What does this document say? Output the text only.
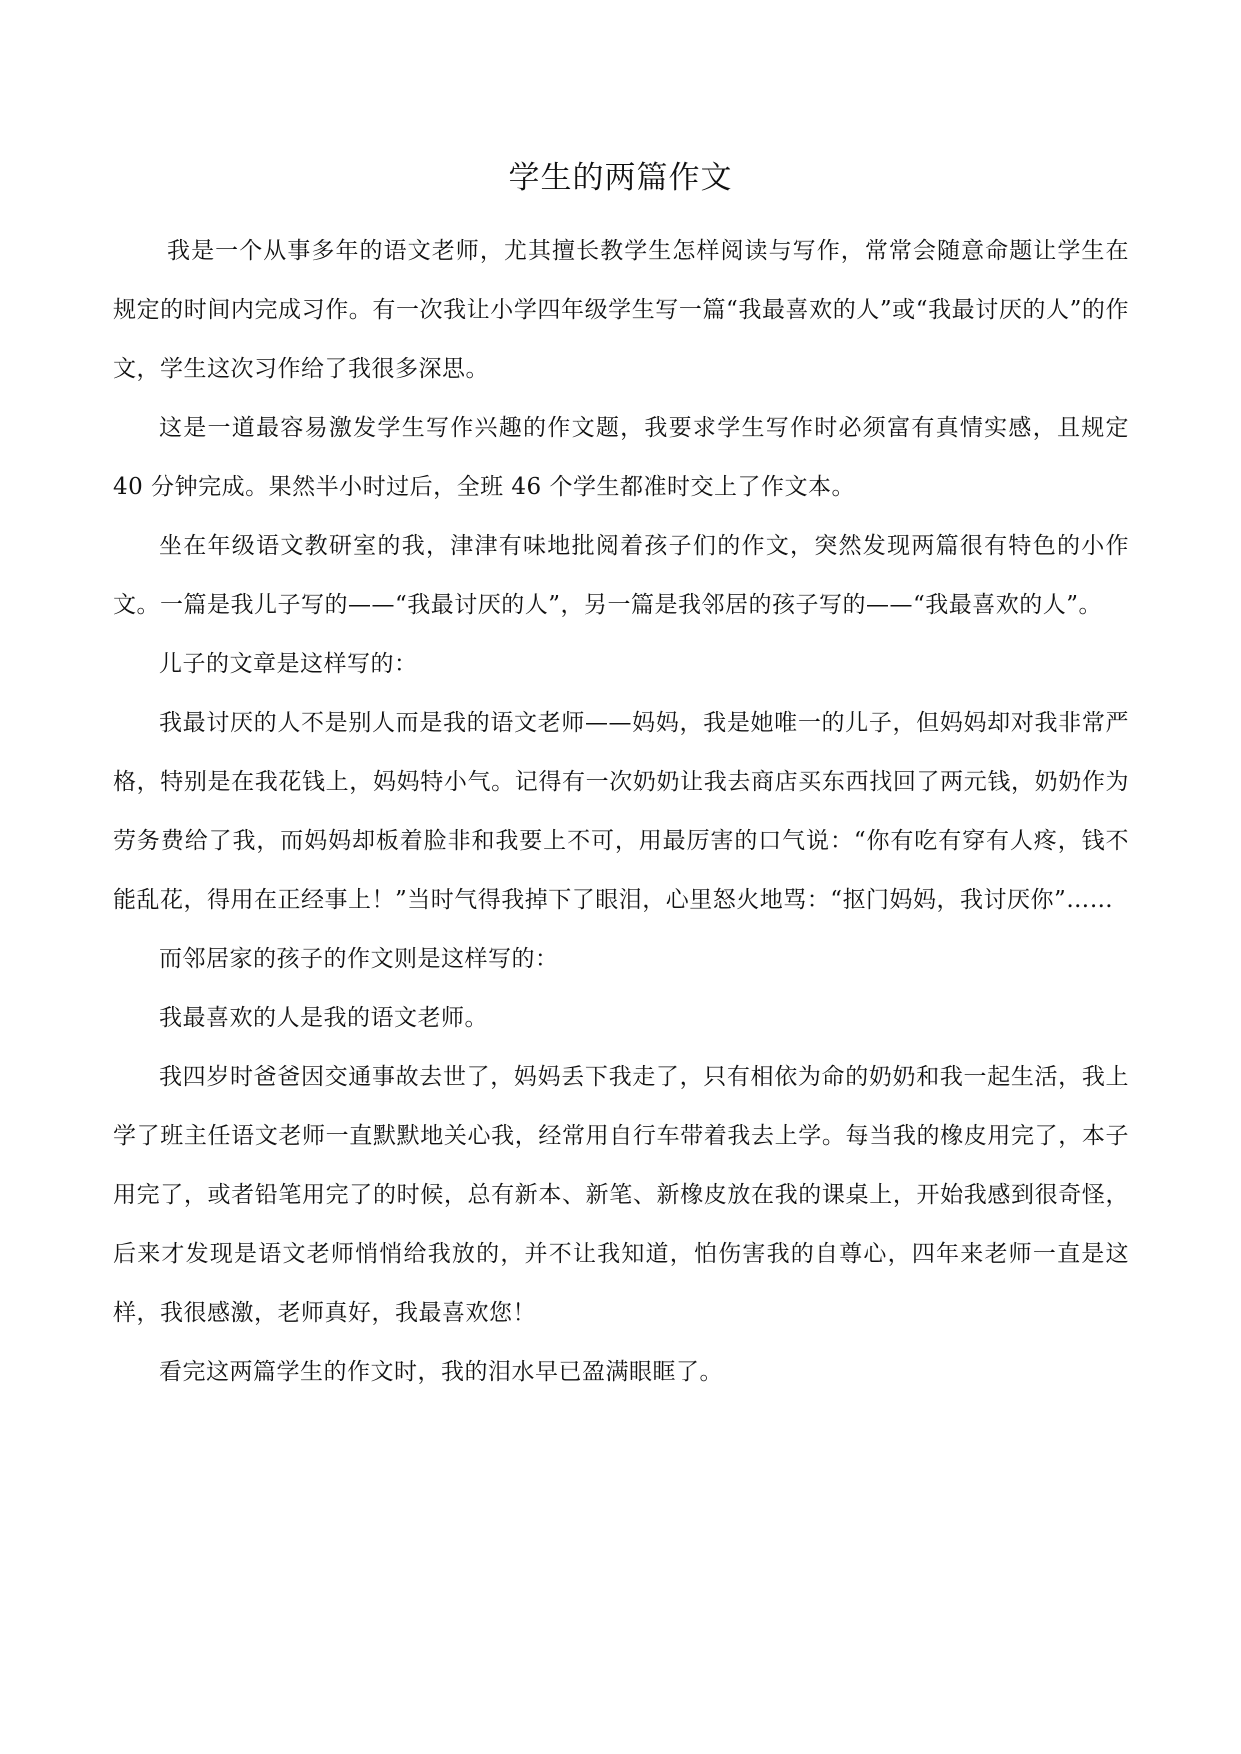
学生的两篇作文

我是一个从事多年的语文老师，尤其擅长教学生怎样阅读与写作，常常会随意命题让学生在规定的时间内完成习作。有一次我让小学四年级学生写一篇“我最喜欢的人”或“我最讨厌的人”的作文，学生这次习作给了我很多深思。

这是一道最容易激发学生写作兴趣的作文题，我要求学生写作时必须富有真情实感，且规定 40 分钟完成。果然半小时过后，全班 46 个学生都准时交上了作文本。

坐在年级语文教研室的我，津津有味地批阅着孩子们的作文，突然发现两篇很有特色的小作文。一篇是我儿子写的——“我最讨厌的人”，另一篇是我邻居的孩子写的——“我最喜欢的人”。

儿子的文章是这样写的：

我最讨厌的人不是别人而是我的语文老师——妈妈，我是她唯一的儿子，但妈妈却对我非常严格，特别是在我花钱上，妈妈特小气。记得有一次奶奶让我去商店买东西找回了两元钱，奶奶作为劳务费给了我，而妈妈却板着脸非和我要上不可，用最厉害的口气说：“你有吃有穿有人疼，钱不能乱花，得用在正经事上！”当时气得我掉下了眼泪，心里怒火地骂：“抠门妈妈，我讨厌你”……

而邻居家的孩子的作文则是这样写的：

我最喜欢的人是我的语文老师。

我四岁时爸爸因交通事故去世了，妈妈丢下我走了，只有相依为命的奶奶和我一起生活，我上学了班主任语文老师一直默默地关心我，经常用自行车带着我去上学。每当我的橡皮用完了，本子用完了，或者铅笔用完了的时候，总有新本、新笔、新橡皮放在我的课桌上，开始我感到很奇怪，后来才发现是语文老师悄悄给我放的，并不让我知道，怕伤害我的自尊心，四年来老师一直是这样，我很感激，老师真好，我最喜欢您！

看完这两篇学生的作文时，我的泪水早已盈满眼眶了。
